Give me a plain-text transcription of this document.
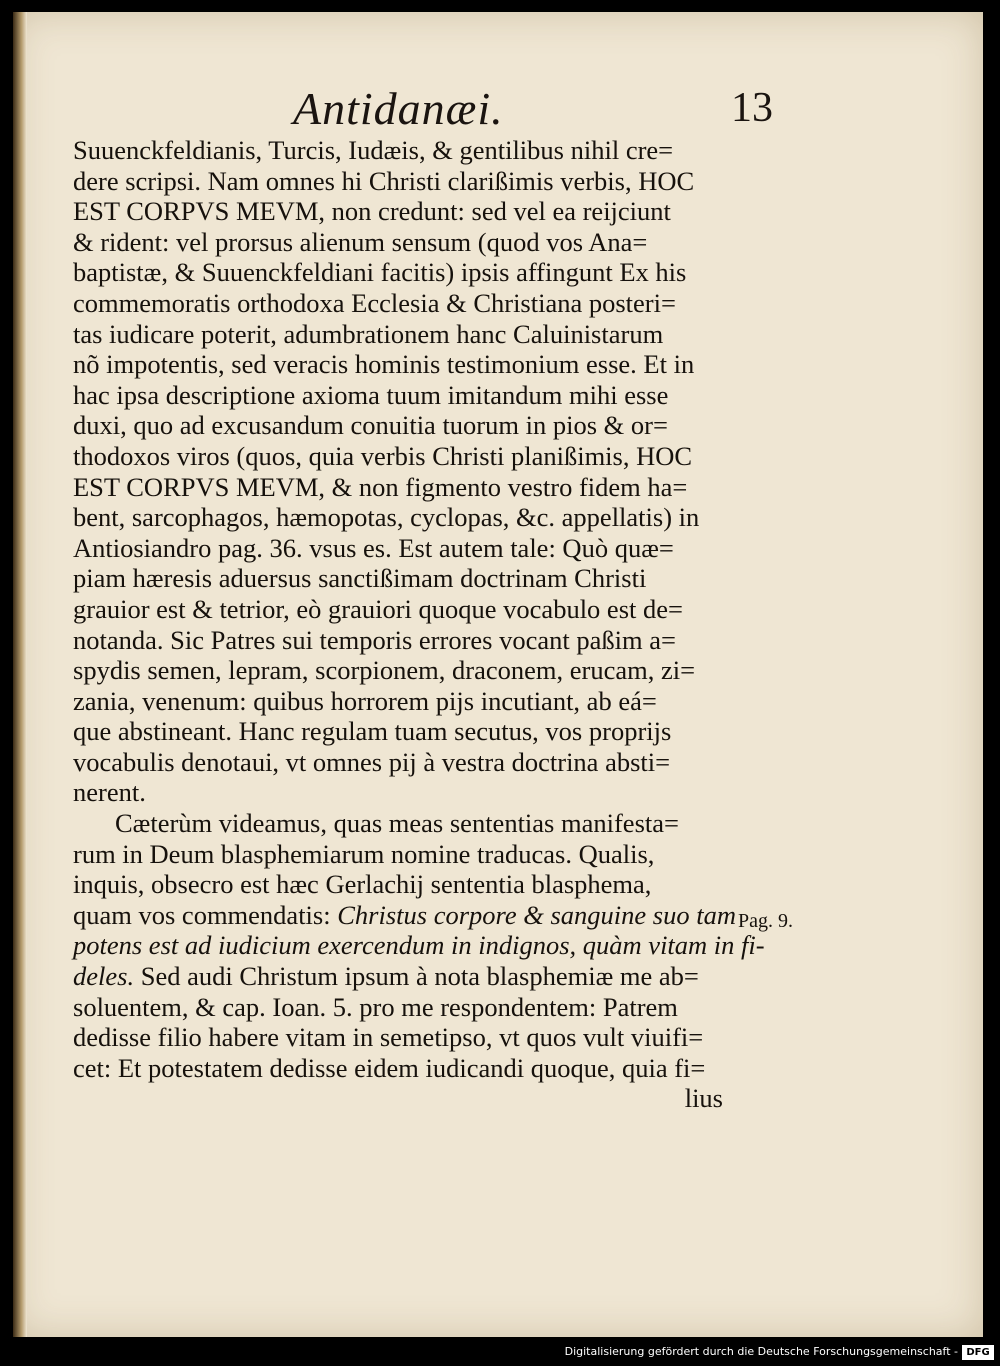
Antidanæi.	13
Suuenckfeldianis, Turcis, Iudæis, & gentilibus nihil cre=
dere scripsi. Nam omnes hi Christi clarißimis verbis, HOC
EST CORPVS MEVM, non credunt: sed vel ea reijciunt
& rident: vel prorsus alienum sensum (quod vos Ana=
baptistæ, & Suuenckfeldiani facitis) ipsis affingunt Ex his
commemoratis orthodoxa Ecclesia & Christiana posteri=
tas iudicare poterit, adumbrationem hanc Caluinistarum
nõ impotentis, sed veracis hominis testimonium esse. Et in
hac ipsa descriptione axioma tuum imitandum mihi esse
duxi, quo ad excusandum conuitia tuorum in pios & or=
thodoxos viros (quos, quia verbis Christi planißimis, HOC
EST CORPVS MEVM, & non figmento vestro fidem ha=
bent, sarcophagos, hæmopotas, cyclopas, &c. appellatis) in
Antiosiandro pag. 36. vsus es. Est autem tale: Quò quæ=
piam hæresis aduersus sanctißimam doctrinam Christi
grauior est & tetrior, eò grauiori quoque vocabulo est de=
notanda. Sic Patres sui temporis errores vocant paßim a=
spydis semen, lepram, scorpionem, draconem, erucam, zi=
zania, venenum: quibus horrorem pijs incutiant, ab eá=
que abstineant. Hanc regulam tuam secutus, vos proprijs
vocabulis denotaui, vt omnes pij à vestra doctrina absti=
nerent.
Cæterùm videamus, quas meas sententias manifesta=
rum in Deum blasphemiarum nomine traducas. Qualis,
inquis, obsecro est hæc Gerlachij sententia blasphema,
quam vos commendatis: Christus corpore & sanguine suo tam
potens est ad iudicium exercendum in indignos, quàm vitam in fi-
deles. Sed audi Christum ipsum à nota blasphemiæ me ab=
soluentem, & cap. Ioan. 5. pro me respondentem: Patrem
dedisse filio habere vitam in semetipso, vt quos vult viuifi=
cet: Et potestatem dedisse eidem iudicandi quoque, quia fi=
lius
Pag. 9.
Digitalisierung gefördert durch die Deutsche Forschungsgemeinschaft - DFG
